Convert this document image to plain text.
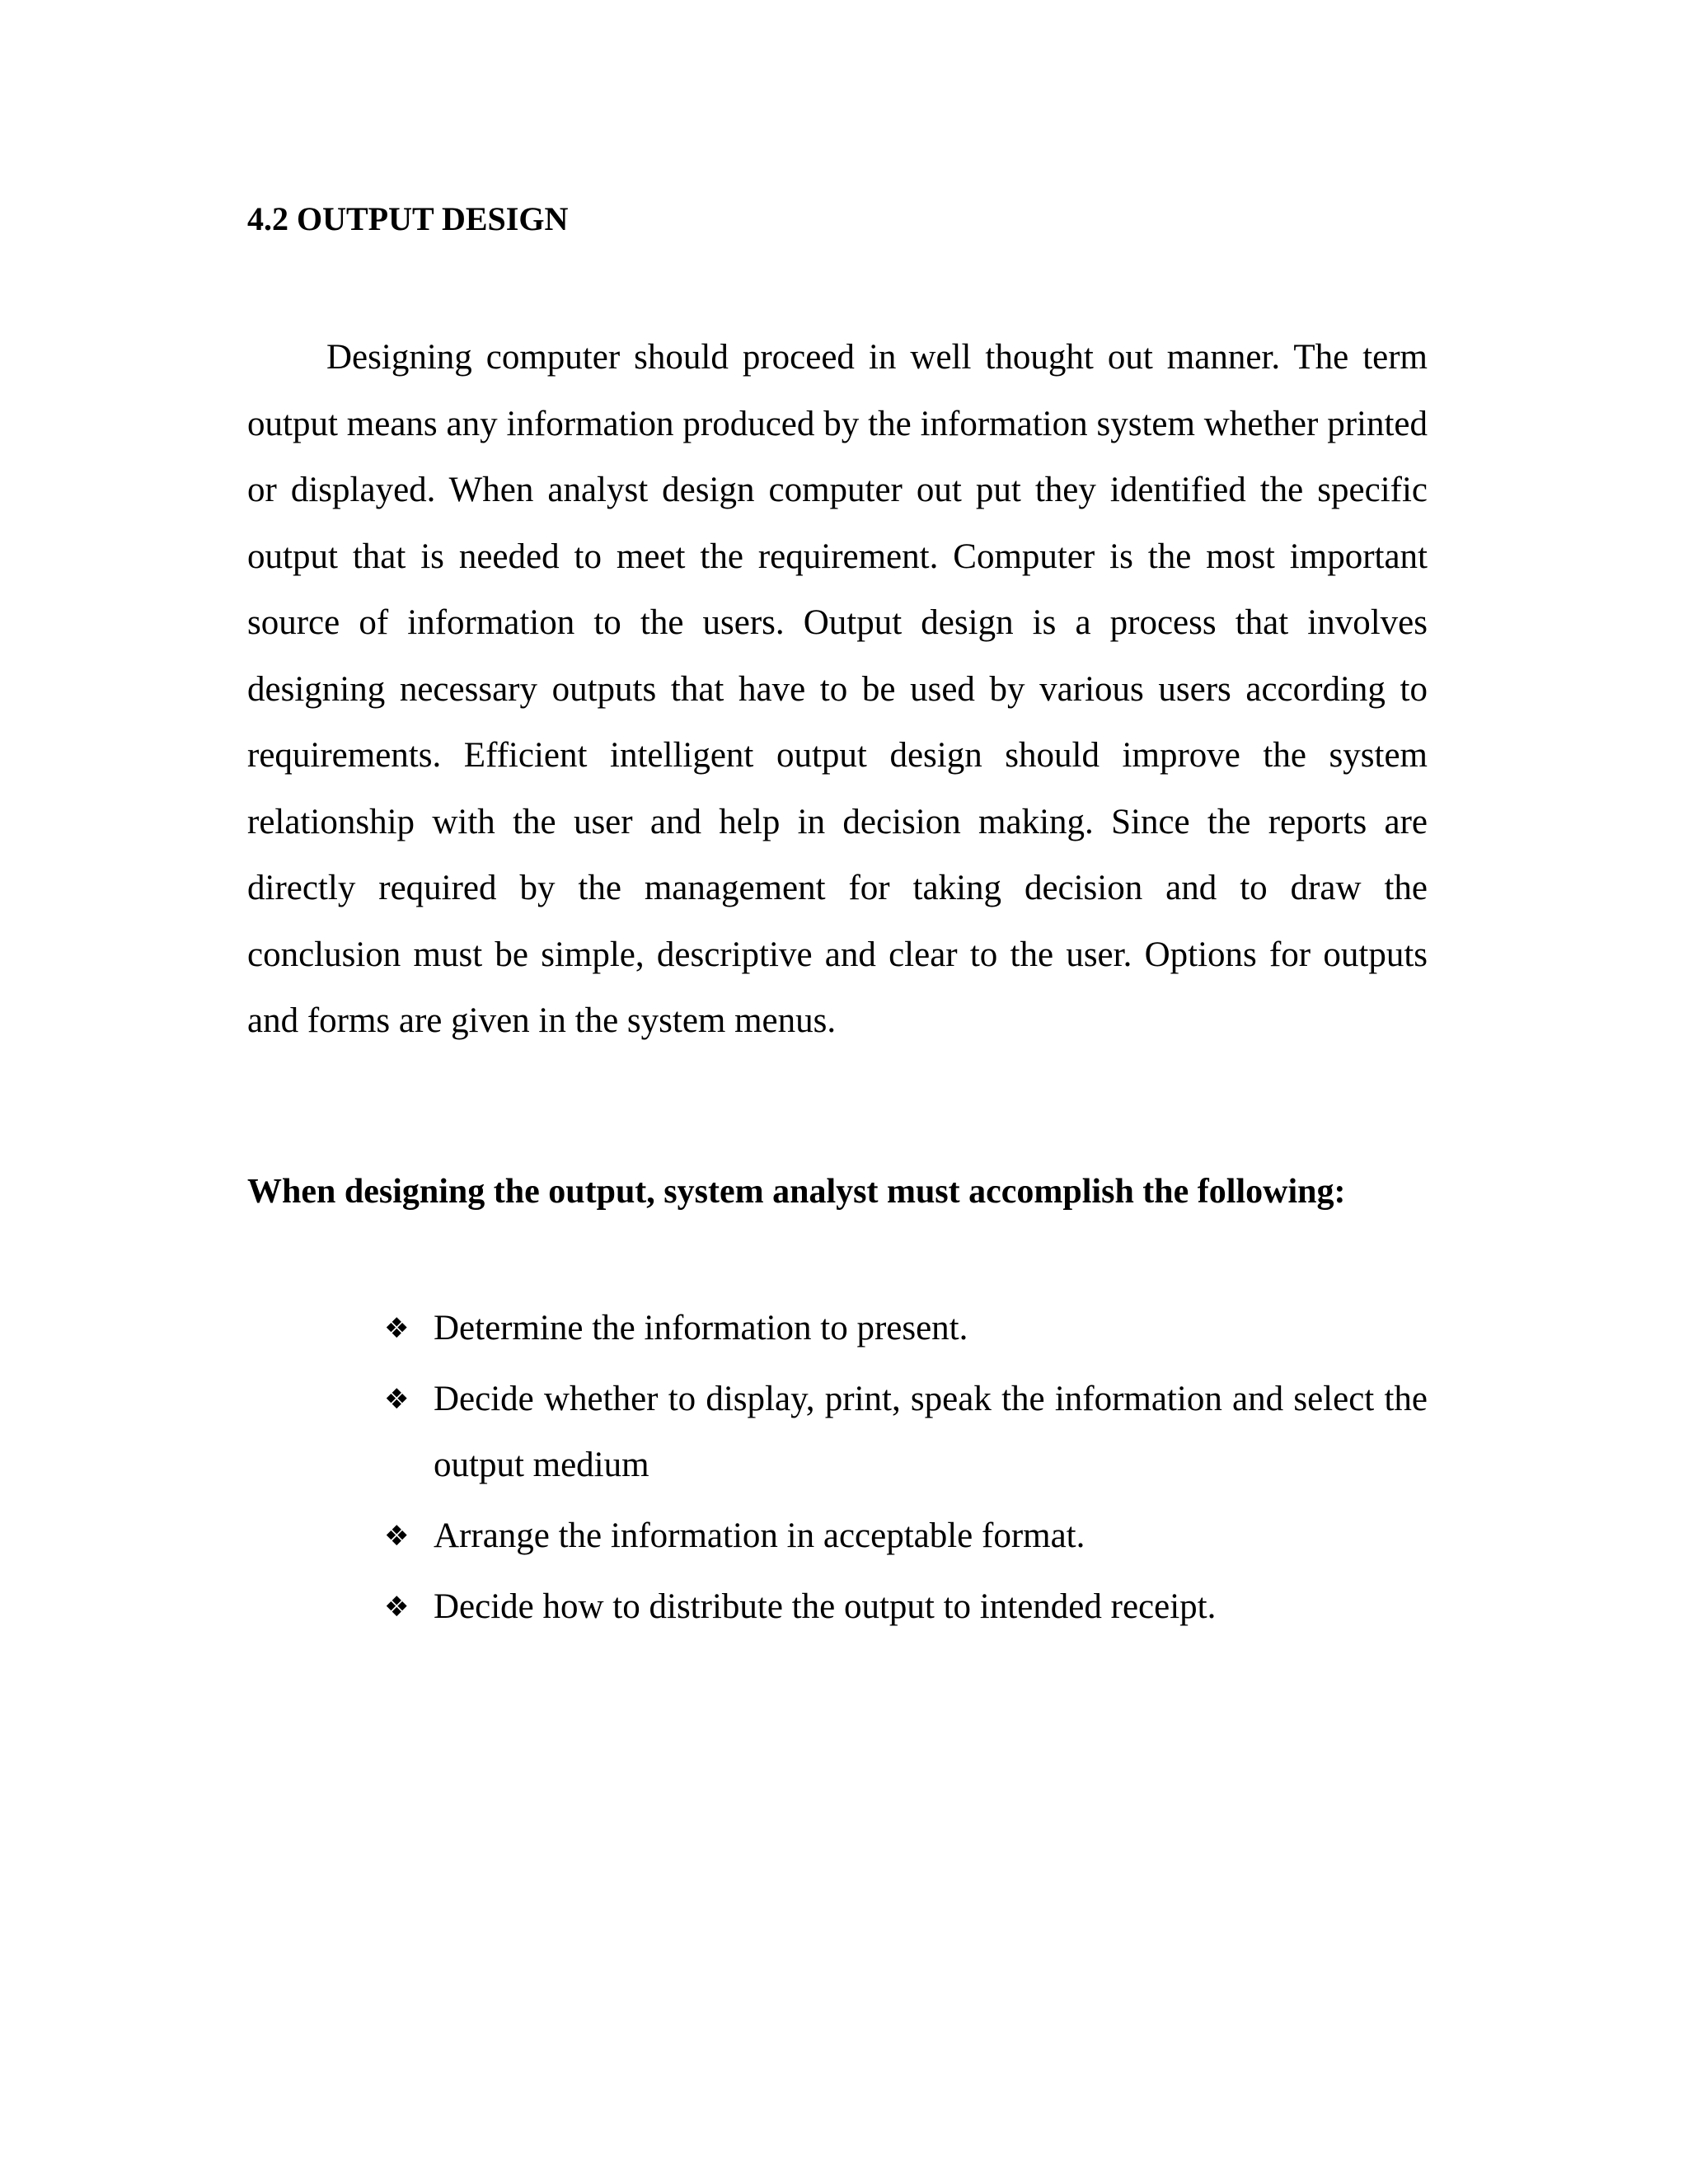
4.2 OUTPUT DESIGN

Designing computer should proceed in well thought out manner. The term output means any information produced by the information system whether printed or displayed. When analyst design computer out put they identified the specific output that is needed to meet the requirement. Computer is the most important source of information to the users. Output design is a process that involves designing necessary outputs that have to be used by various users according to requirements. Efficient intelligent output design should improve the system relationship with the user and help in decision making. Since the reports are directly required by the management for taking decision and to draw the conclusion must be simple, descriptive and clear to the user. Options for outputs and forms are given in the system menus.

When designing the output, system analyst must accomplish the following:

❖ Determine the information to present.
❖ Decide whether to display, print, speak the information and select the output medium
❖ Arrange the information in acceptable format.
❖ Decide how to distribute the output to intended receipt.
